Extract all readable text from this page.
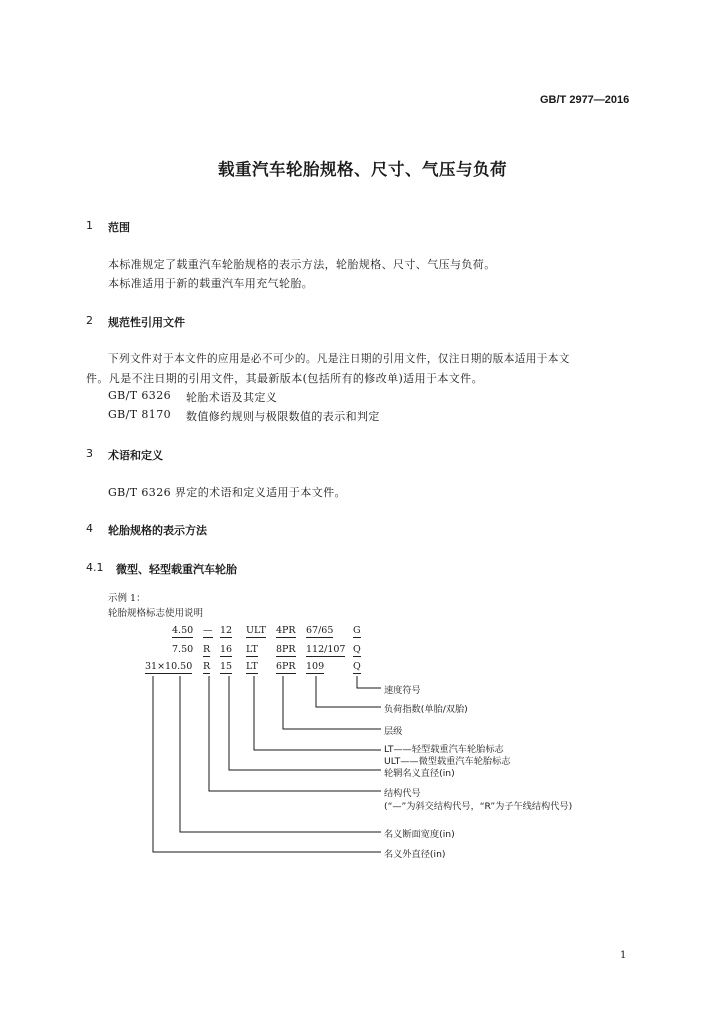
GB/T 2977—2016
载重汽车轮胎规格、尺寸、气压与负荷
1 范围
本标准规定了载重汽车轮胎规格的表示方法，轮胎规格、尺寸、气压与负荷。
本标准适用于新的载重汽车用充气轮胎。
2 规范性引用文件
下列文件对于本文件的应用是必不可少的。凡是注日期的引用文件，仅注日期的版本适用于本文
件。凡是不注日期的引用文件，其最新版本(包括所有的修改单)适用于本文件。
GB/T 6326 轮胎术语及其定义
GB/T 8170 数值修约规则与极限数值的表示和判定
3 术语和定义
GB/T 6326 界定的术语和定义适用于本文件。
4 轮胎规格的表示方法
4.1 微型、轻型载重汽车轮胎
示例 1：
轮胎规格标志使用说明
4.50 — 12 ULT 4PR 67/65 G
7.50 R 16 LT 8PR 112/107 Q
31×10.50 R 15 LT 6PR 109	Q
速度符号
负荷指数(单胎/双胎)
层级
LT——轻型载重汽车轮胎标志
ULT——微型载重汽车轮胎标志
轮辋名义直径(in)
结构代号
(“—”为斜交结构代号，“R”为子午线结构代号)
名义断面宽度(in)
名义外直径(in)
1
